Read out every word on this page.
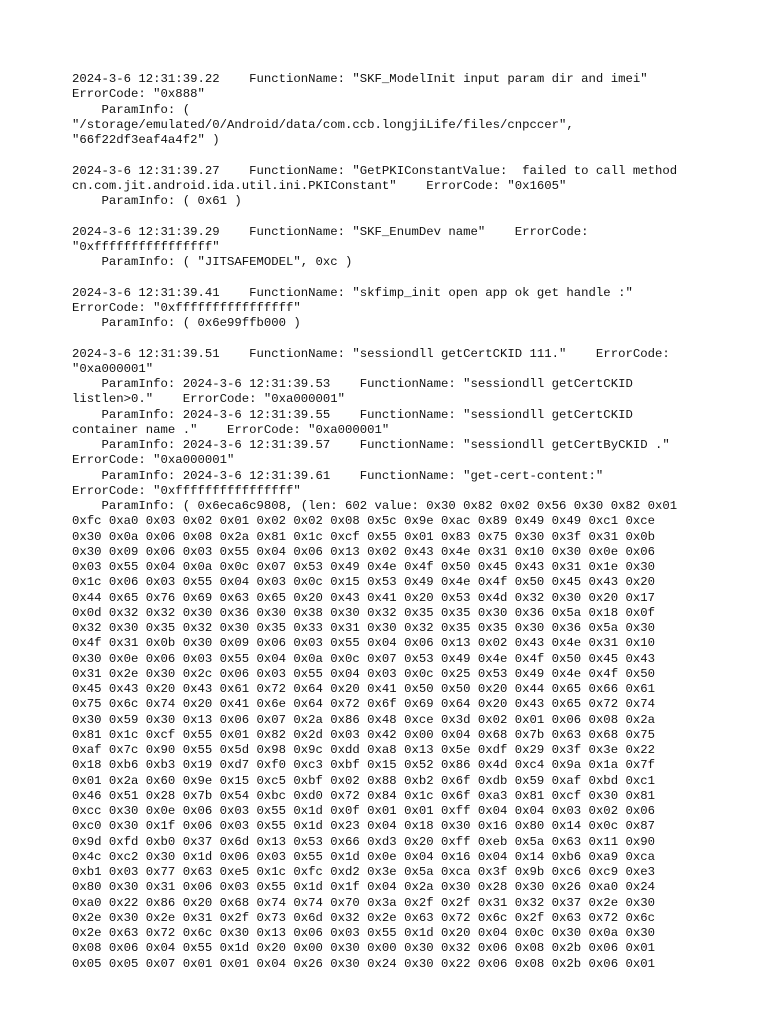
2024-3-6 12:31:39.22    FunctionName: "SKF_ModelInit input param dir and imei"
ErrorCode: "0x888"
ParamInfo: (
"/storage/emulated/0/Android/data/com.ccb.longjiLife/files/cnpccer",
"66f22df3eaf4a4f2" )
2024-3-6 12:31:39.27    FunctionName: "GetPKIConstantValue:  failed to call method
cn.com.jit.android.ida.util.ini.PKIConstant"    ErrorCode: "0x1605"
ParamInfo: ( 0x61 )
2024-3-6 12:31:39.29    FunctionName: "SKF_EnumDev name"    ErrorCode:
"0xffffffffffffffff"
ParamInfo: ( "JITSAFEMODEL", 0xc )
2024-3-6 12:31:39.41    FunctionName: "skfimp_init open app ok get handle :"
ErrorCode: "0xffffffffffffffff"
ParamInfo: ( 0x6e99ffb000 )
2024-3-6 12:31:39.51    FunctionName: "sessiondll getCertCKID 111."    ErrorCode:
"0xa000001"
ParamInfo: 2024-3-6 12:31:39.53    FunctionName: "sessiondll getCertCKID
listlen>0."    ErrorCode: "0xa000001"
ParamInfo: 2024-3-6 12:31:39.55    FunctionName: "sessiondll getCertCKID
container name ."    ErrorCode: "0xa000001"
ParamInfo: 2024-3-6 12:31:39.57    FunctionName: "sessiondll getCertByCKID ."
ErrorCode: "0xa000001"
ParamInfo: 2024-3-6 12:31:39.61    FunctionName: "get-cert-content:"
ErrorCode: "0xffffffffffffffff"
ParamInfo: ( 0x6eca6c9808, (len: 602 value: 0x30 0x82 0x02 0x56 0x30 0x82 0x01
0xfc 0xa0 0x03 0x02 0x01 0x02 0x02 0x08 0x5c 0x9e 0xac 0x89 0x49 0x49 0xc1 0xce
0x30 0x0a 0x06 0x08 0x2a 0x81 0x1c 0xcf 0x55 0x01 0x83 0x75 0x30 0x3f 0x31 0x0b
0x30 0x09 0x06 0x03 0x55 0x04 0x06 0x13 0x02 0x43 0x4e 0x31 0x10 0x30 0x0e 0x06
0x03 0x55 0x04 0x0a 0x0c 0x07 0x53 0x49 0x4e 0x4f 0x50 0x45 0x43 0x31 0x1e 0x30
0x1c 0x06 0x03 0x55 0x04 0x03 0x0c 0x15 0x53 0x49 0x4e 0x4f 0x50 0x45 0x43 0x20
0x44 0x65 0x76 0x69 0x63 0x65 0x20 0x43 0x41 0x20 0x53 0x4d 0x32 0x30 0x20 0x17
0x0d 0x32 0x32 0x30 0x36 0x30 0x38 0x30 0x32 0x35 0x35 0x30 0x36 0x5a 0x18 0x0f
0x32 0x30 0x35 0x32 0x30 0x35 0x33 0x31 0x30 0x32 0x35 0x35 0x30 0x36 0x5a 0x30
0x4f 0x31 0x0b 0x30 0x09 0x06 0x03 0x55 0x04 0x06 0x13 0x02 0x43 0x4e 0x31 0x10
0x30 0x0e 0x06 0x03 0x55 0x04 0x0a 0x0c 0x07 0x53 0x49 0x4e 0x4f 0x50 0x45 0x43
0x31 0x2e 0x30 0x2c 0x06 0x03 0x55 0x04 0x03 0x0c 0x25 0x53 0x49 0x4e 0x4f 0x50
0x45 0x43 0x20 0x43 0x61 0x72 0x64 0x20 0x41 0x50 0x50 0x20 0x44 0x65 0x66 0x61
0x75 0x6c 0x74 0x20 0x41 0x6e 0x64 0x72 0x6f 0x69 0x64 0x20 0x43 0x65 0x72 0x74
0x30 0x59 0x30 0x13 0x06 0x07 0x2a 0x86 0x48 0xce 0x3d 0x02 0x01 0x06 0x08 0x2a
0x81 0x1c 0xcf 0x55 0x01 0x82 0x2d 0x03 0x42 0x00 0x04 0x68 0x7b 0x63 0x68 0x75
0xaf 0x7c 0x90 0x55 0x5d 0x98 0x9c 0xdd 0xa8 0x13 0x5e 0xdf 0x29 0x3f 0x3e 0x22
0x18 0xb6 0xb3 0x19 0xd7 0xf0 0xc3 0xbf 0x15 0x52 0x86 0x4d 0xc4 0x9a 0x1a 0x7f
0x01 0x2a 0x60 0x9e 0x15 0xc5 0xbf 0x02 0x88 0xb2 0x6f 0xdb 0x59 0xaf 0xbd 0xc1
0x46 0x51 0x28 0x7b 0x54 0xbc 0xd0 0x72 0x84 0x1c 0x6f 0xa3 0x81 0xcf 0x30 0x81
0xcc 0x30 0x0e 0x06 0x03 0x55 0x1d 0x0f 0x01 0x01 0xff 0x04 0x04 0x03 0x02 0x06
0xc0 0x30 0x1f 0x06 0x03 0x55 0x1d 0x23 0x04 0x18 0x30 0x16 0x80 0x14 0x0c 0x87
0x9d 0xfd 0xb0 0x37 0x6d 0x13 0x53 0x66 0xd3 0x20 0xff 0xeb 0x5a 0x63 0x11 0x90
0x4c 0xc2 0x30 0x1d 0x06 0x03 0x55 0x1d 0x0e 0x04 0x16 0x04 0x14 0xb6 0xa9 0xca
0xb1 0x03 0x77 0x63 0xe5 0x1c 0xfc 0xd2 0x3e 0x5a 0xca 0x3f 0x9b 0xc6 0xc9 0xe3
0x80 0x30 0x31 0x06 0x03 0x55 0x1d 0x1f 0x04 0x2a 0x30 0x28 0x30 0x26 0xa0 0x24
0xa0 0x22 0x86 0x20 0x68 0x74 0x74 0x70 0x3a 0x2f 0x2f 0x31 0x32 0x37 0x2e 0x30
0x2e 0x30 0x2e 0x31 0x2f 0x73 0x6d 0x32 0x2e 0x63 0x72 0x6c 0x2f 0x63 0x72 0x6c
0x2e 0x63 0x72 0x6c 0x30 0x13 0x06 0x03 0x55 0x1d 0x20 0x04 0x0c 0x30 0x0a 0x30
0x08 0x06 0x04 0x55 0x1d 0x20 0x00 0x30 0x00 0x30 0x32 0x06 0x08 0x2b 0x06 0x01
0x05 0x05 0x07 0x01 0x01 0x04 0x26 0x30 0x24 0x30 0x22 0x06 0x08 0x2b 0x06 0x01
